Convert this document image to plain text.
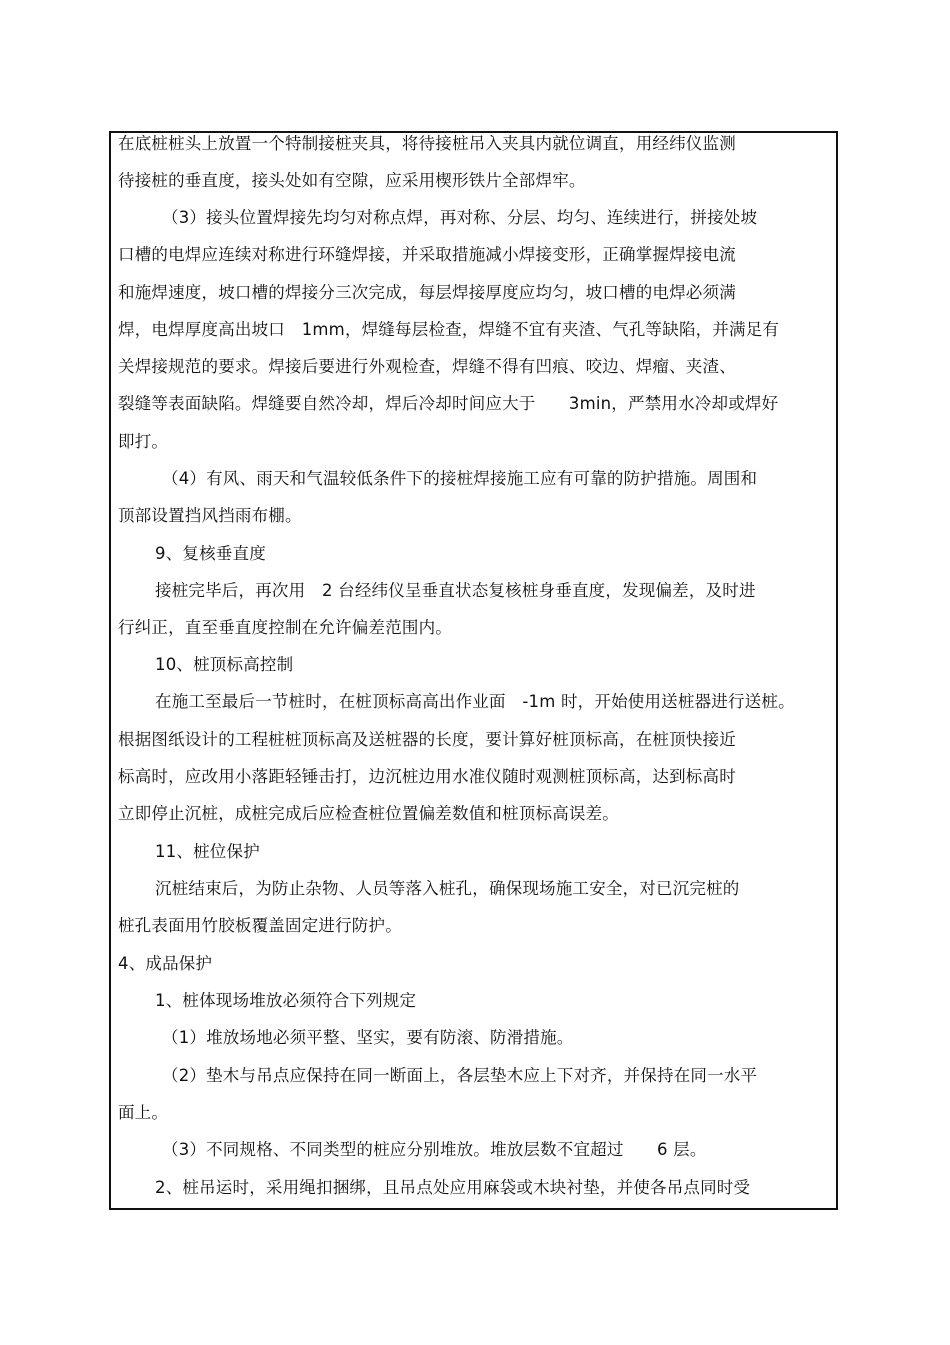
在底桩桩头上放置一个特制接桩夹具，将待接桩吊入夹具内就位调直，用经纬仪监测
待接桩的垂直度，接头处如有空隙，应采用楔形铁片全部焊牢。
（3）接头位置焊接先均匀对称点焊，再对称、分层、均匀、连续进行，拼接处坡
口槽的电焊应连续对称进行环缝焊接，并采取措施减小焊接变形，正确掌握焊接电流
和施焊速度，坡口槽的焊接分三次完成，每层焊接厚度应均匀，坡口槽的电焊必须满
焊，电焊厚度高出坡口　1mm，焊缝每层检查，焊缝不宜有夹渣、气孔等缺陷，并满足有
关焊接规范的要求。焊接后要进行外观检查，焊缝不得有凹痕、咬边、焊瘤、夹渣、
裂缝等表面缺陷。焊缝要自然冷却，焊后冷却时间应大于　　3min，严禁用水冷却或焊好
即打。
（4）有风、雨天和气温较低条件下的接桩焊接施工应有可靠的防护措施。周围和
顶部设置挡风挡雨布棚。
9、复核垂直度
接桩完毕后，再次用　2 台经纬仪呈垂直状态复核桩身垂直度，发现偏差，及时进
行纠正，直至垂直度控制在允许偏差范围内。
10、桩顶标高控制
在施工至最后一节桩时，在桩顶标高高出作业面　-1m 时，开始使用送桩器进行送桩。
根据图纸设计的工程桩桩顶标高及送桩器的长度，要计算好桩顶标高，在桩顶快接近
标高时，应改用小落距轻锤击打，边沉桩边用水准仪随时观测桩顶标高，达到标高时
立即停止沉桩，成桩完成后应检查桩位置偏差数值和桩顶标高误差。
11、桩位保护
沉桩结束后，为防止杂物、人员等落入桩孔，确保现场施工安全，对已沉完桩的
桩孔表面用竹胶板覆盖固定进行防护。
4、成品保护
1、桩体现场堆放必须符合下列规定
（1）堆放场地必须平整、坚实，要有防滚、防滑措施。
（2）垫木与吊点应保持在同一断面上，各层垫木应上下对齐，并保持在同一水平
面上。
（3）不同规格、不同类型的桩应分别堆放。堆放层数不宜超过　　6 层。
2、桩吊运时，采用绳扣捆绑，且吊点处应用麻袋或木块衬垫，并使各吊点同时受
